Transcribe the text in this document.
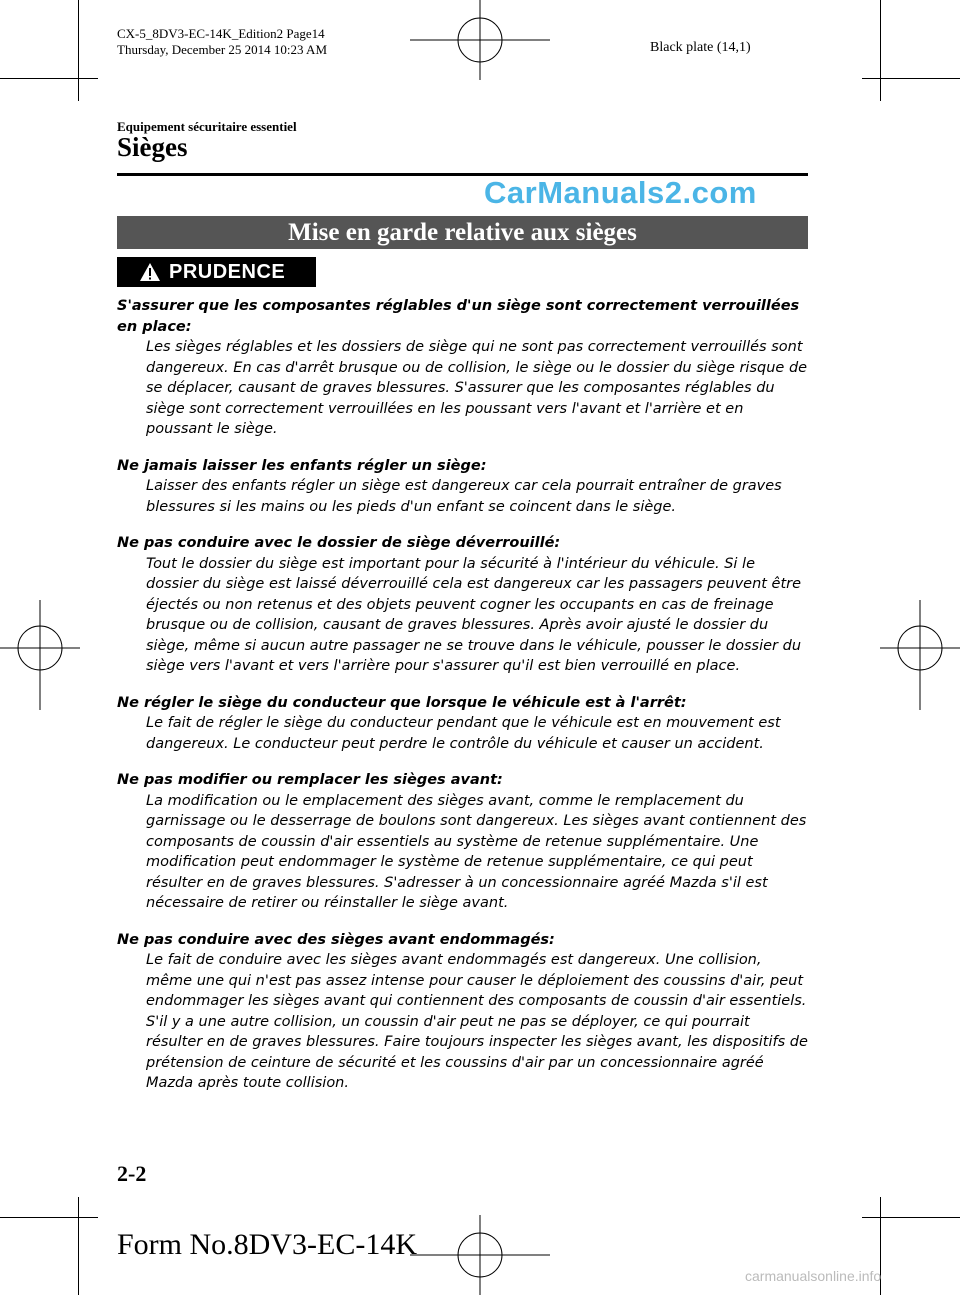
CX-5_8DV3-EC-14K_Edition2 Page14
Thursday, December 25 2014 10:23 AM	Black plate (14,1)
Equipement sécuritaire essentiel
Sièges
CarManuals2.com
Mise en garde relative aux sièges
PRUDENCE
S'assurer que les composantes réglables d'un siège sont correctement verrouillées en place:
Les sièges réglables et les dossiers de siège qui ne sont pas correctement verrouillés sont dangereux. En cas d'arrêt brusque ou de collision, le siège ou le dossier du siège risque de se déplacer, causant de graves blessures. S'assurer que les composantes réglables du siège sont correctement verrouillées en les poussant vers l'avant et l'arrière et en poussant le siège.
Ne jamais laisser les enfants régler un siège:
Laisser des enfants régler un siège est dangereux car cela pourrait entraîner de graves blessures si les mains ou les pieds d'un enfant se coincent dans le siège.
Ne pas conduire avec le dossier de siège déverrouillé:
Tout le dossier du siège est important pour la sécurité à l'intérieur du véhicule. Si le dossier du siège est laissé déverrouillé cela est dangereux car les passagers peuvent être éjectés ou non retenus et des objets peuvent cogner les occupants en cas de freinage brusque ou de collision, causant de graves blessures. Après avoir ajusté le dossier du siège, même si aucun autre passager ne se trouve dans le véhicule, pousser le dossier du siège vers l'avant et vers l'arrière pour s'assurer qu'il est bien verrouillé en place.
Ne régler le siège du conducteur que lorsque le véhicule est à l'arrêt:
Le fait de régler le siège du conducteur pendant que le véhicule est en mouvement est dangereux. Le conducteur peut perdre le contrôle du véhicule et causer un accident.
Ne pas modifier ou remplacer les sièges avant:
La modification ou le emplacement des sièges avant, comme le remplacement du garnissage ou le desserrage de boulons sont dangereux. Les sièges avant contiennent des composants de coussin d'air essentiels au système de retenue supplémentaire. Une modification peut endommager le système de retenue supplémentaire, ce qui peut résulter en de graves blessures. S'adresser à un concessionnaire agréé Mazda s'il est nécessaire de retirer ou réinstaller le siège avant.
Ne pas conduire avec des sièges avant endommagés:
Le fait de conduire avec les sièges avant endommagés est dangereux. Une collision, même une qui n'est pas assez intense pour causer le déploiement des coussins d'air, peut endommager les sièges avant qui contiennent des composants de coussin d'air essentiels. S'il y a une autre collision, un coussin d'air peut ne pas se déployer, ce qui pourrait résulter en de graves blessures. Faire toujours inspecter les sièges avant, les dispositifs de prétension de ceinture de sécurité et les coussins d'air par un concessionnaire agréé Mazda après toute collision.
2-2
Form No.8DV3-EC-14K
carmanualsonline.info
